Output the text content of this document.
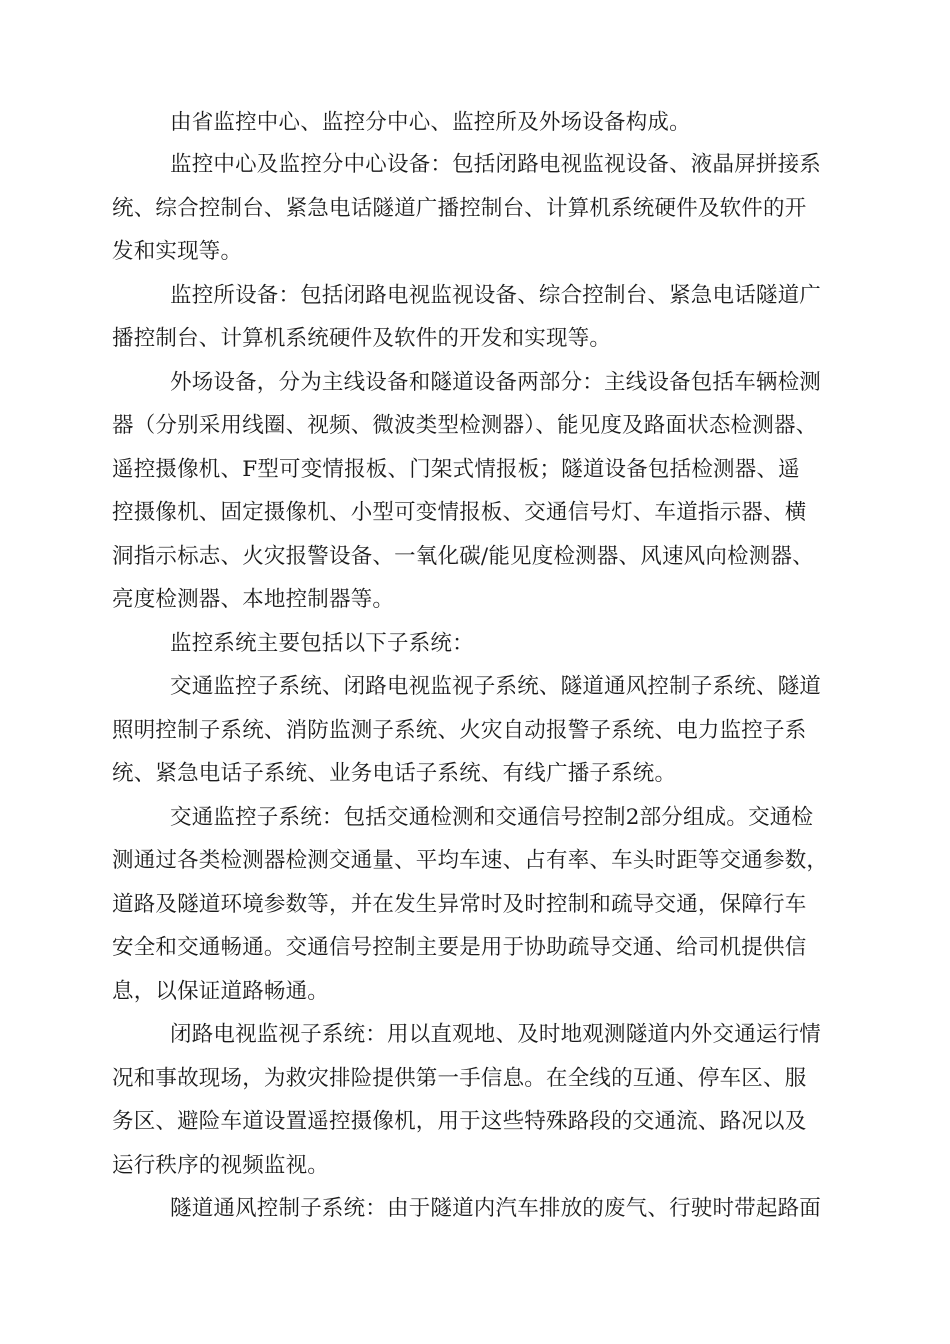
由省监控中心、监控分中心、监控所及外场设备构成。
监控中心及监控分中心设备：包括闭路电视监视设备、液晶屏拼接系
统、综合控制台、紧急电话隧道广播控制台、计算机系统硬件及软件的开
发和实现等。
监控所设备：包括闭路电视监视设备、综合控制台、紧急电话隧道广
播控制台、计算机系统硬件及软件的开发和实现等。
外场设备，分为主线设备和隧道设备两部分：主线设备包括车辆检测
器（分别采用线圈、视频、微波类型检测器）、能见度及路面状态检测器、
遥控摄像机、F型可变情报板、门架式情报板；隧道设备包括检测器、遥
控摄像机、固定摄像机、小型可变情报板、交通信号灯、车道指示器、横
洞指示标志、火灾报警设备、一氧化碳/能见度检测器、风速风向检测器、
亮度检测器、本地控制器等。
监控系统主要包括以下子系统：
交通监控子系统、闭路电视监视子系统、隧道通风控制子系统、隧道
照明控制子系统、消防监测子系统、火灾自动报警子系统、电力监控子系
统、紧急电话子系统、业务电话子系统、有线广播子系统。
交通监控子系统：包括交通检测和交通信号控制2部分组成。交通检
测通过各类检测器检测交通量、平均车速、占有率、车头时距等交通参数，
道路及隧道环境参数等，并在发生异常时及时控制和疏导交通，保障行车
安全和交通畅通。交通信号控制主要是用于协助疏导交通、给司机提供信
息，以保证道路畅通。
闭路电视监视子系统：用以直观地、及时地观测隧道内外交通运行情
况和事故现场，为救灾排险提供第一手信息。在全线的互通、停车区、服
务区、避险车道设置遥控摄像机，用于这些特殊路段的交通流、路况以及
运行秩序的视频监视。
隧道通风控制子系统：由于隧道内汽车排放的废气、行驶时带起路面
